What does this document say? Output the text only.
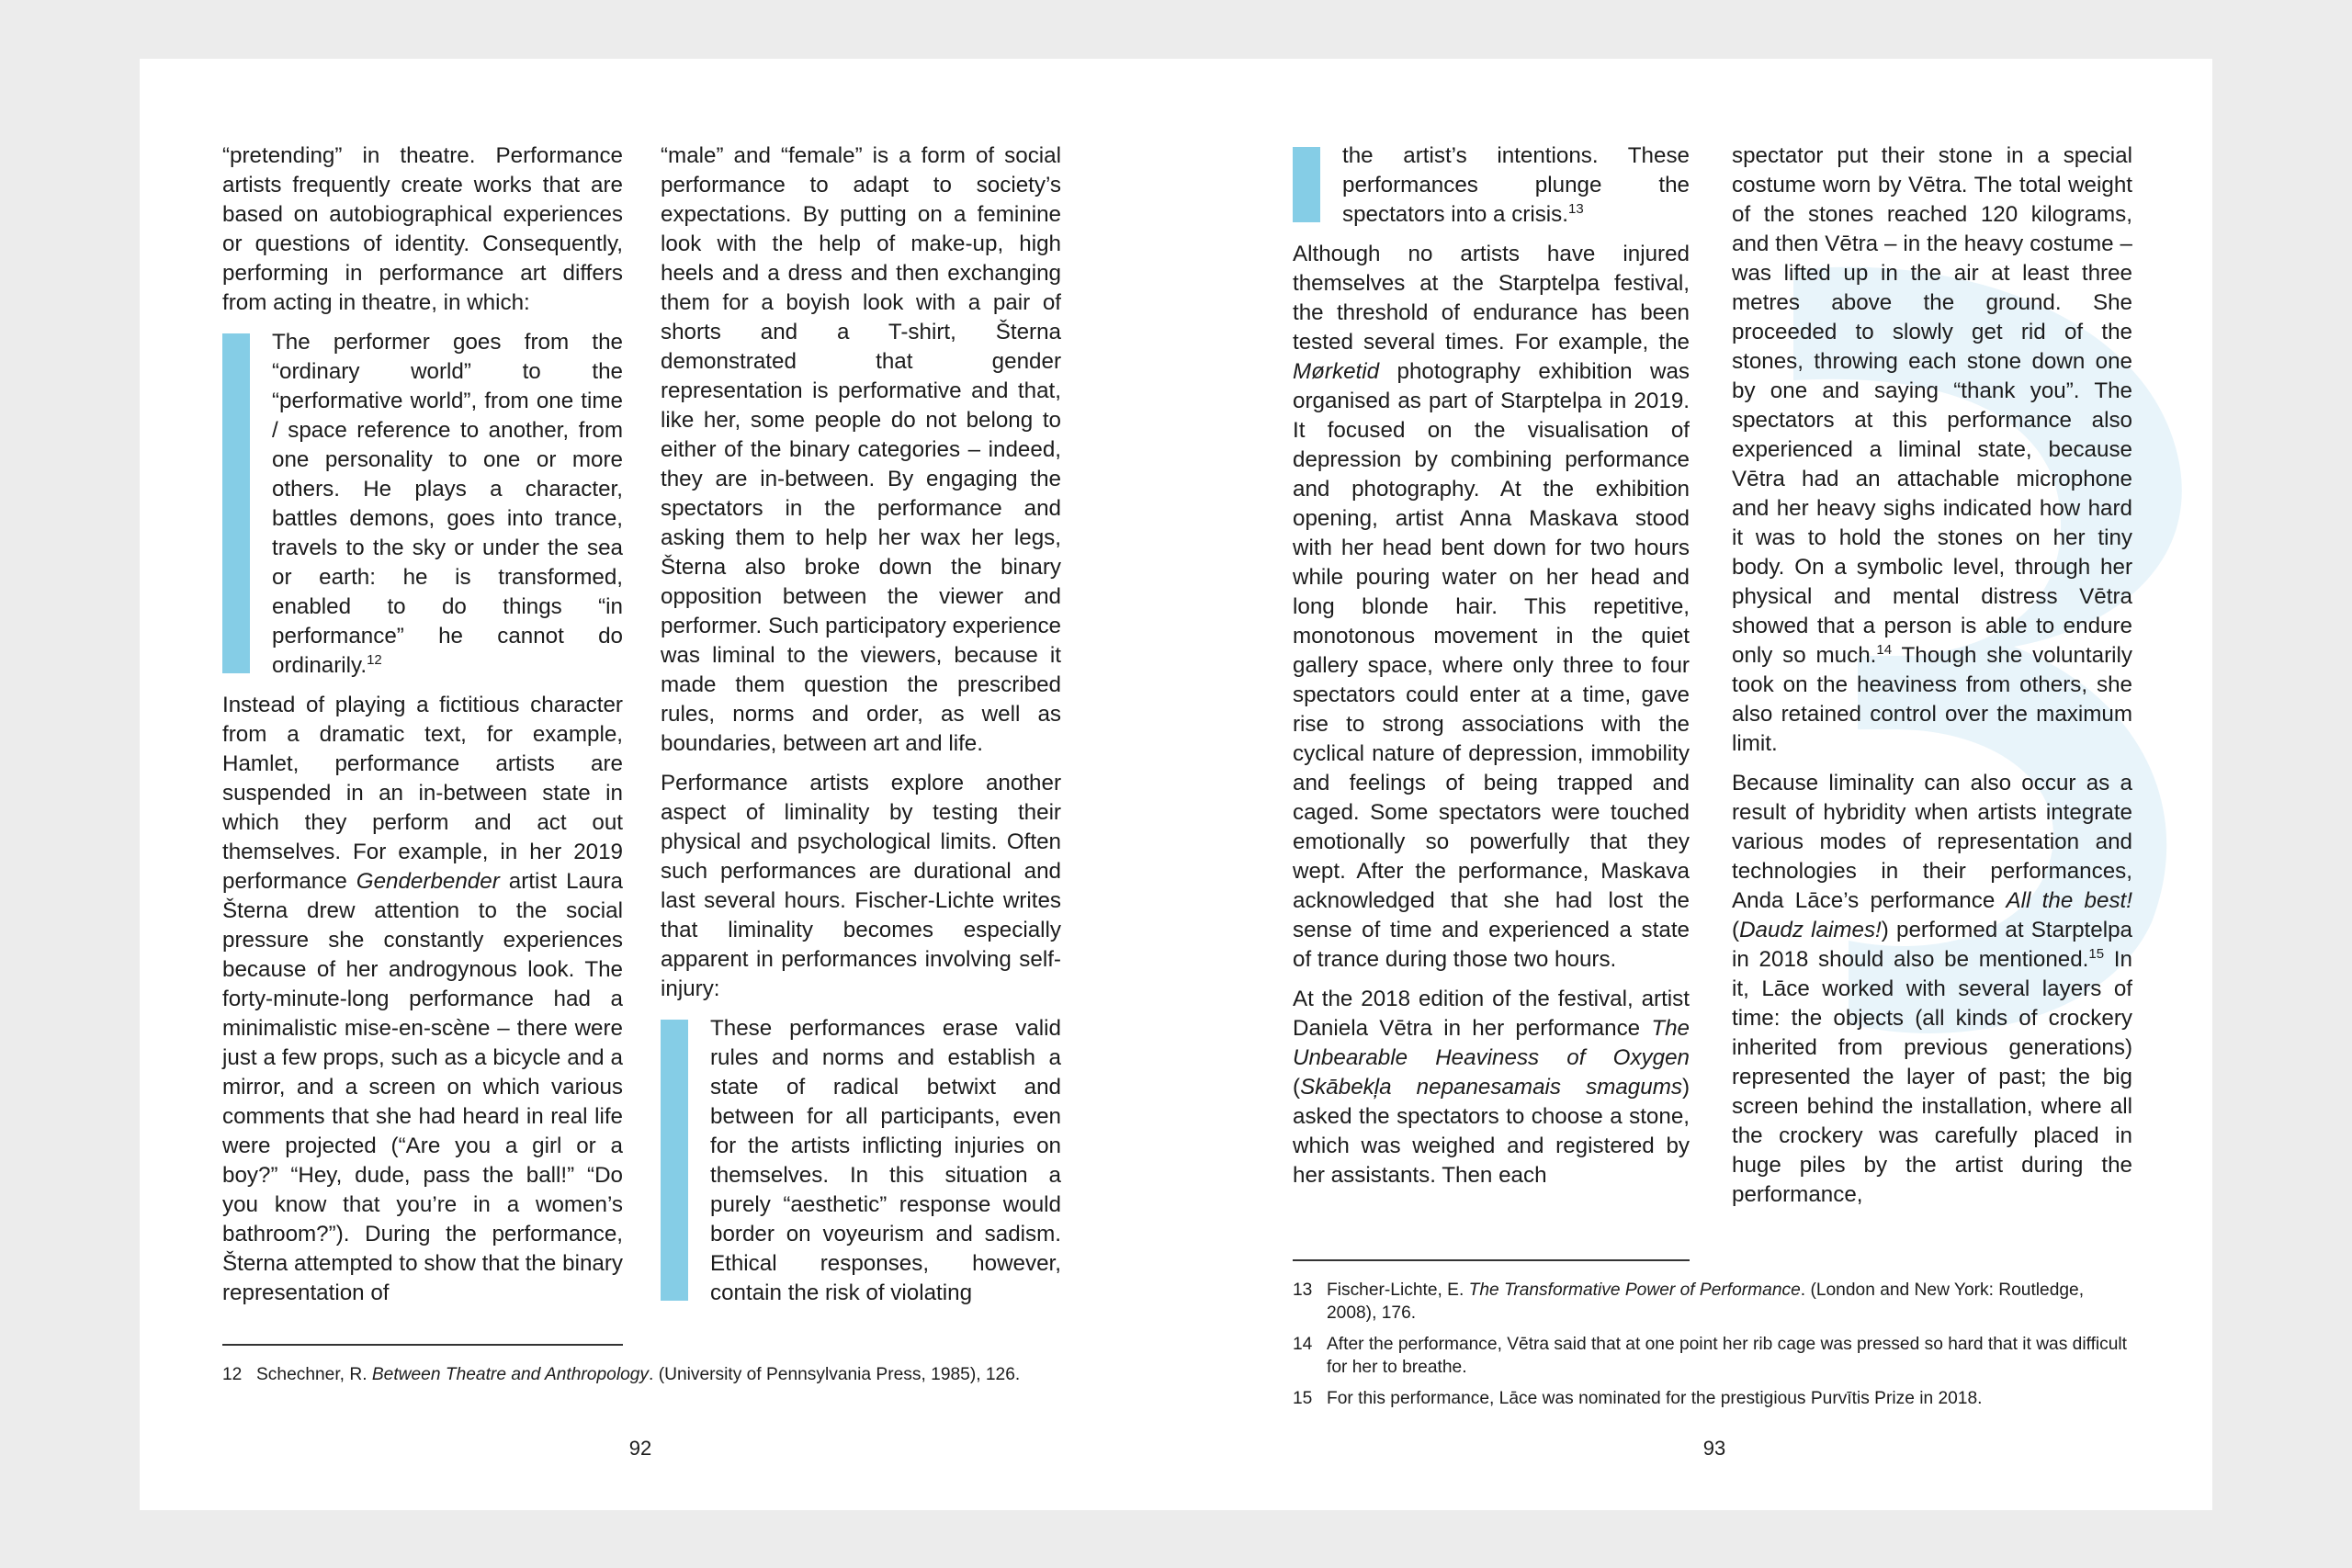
“pretending” in theatre. Performance artists frequently create works that are based on autobiographical experiences or questions of identity. Consequently, performing in performance art differs from acting in theatre, in which:

The performer goes from the “ordinary world” to the “performative world”, from one time / space reference to another, from one personality to one or more others. He plays a character, battles demons, goes into trance, travels to the sky or under the sea or earth: he is transformed, enabled to do things “in performance” he cannot do ordinarily.$^{12}$

Instead of playing a fictitious character from a dramatic text, for example, Hamlet, performance artists are suspended in an in-between state in which they perform and act out themselves. For example, in her 2019 performance Genderbender artist Laura Šterna drew attention to the social pressure she constantly experiences because of her androgynous look. The forty-minute-long performance had a minimalistic mise-en-scène – there were just a few props, such as a bicycle and a mirror, and a screen on which various comments that she had heard in real life were projected (“Are you a girl or a boy?” “Hey, dude, pass the ball!” “Do you know that you’re in a women’s bathroom?”). During the performance, Šterna attempted to show that the binary representation of

“male” and “female” is a form of social performance to adapt to society’s expectations. By putting on a feminine look with the help of make-up, high heels and a dress and then exchanging them for a boyish look with a pair of shorts and a T-shirt, Šterna demonstrated that gender representation is performative and that, like her, some people do not belong to either of the binary categories – indeed, they are in-between. By engaging the spectators in the performance and asking them to help her wax her legs, Šterna also broke down the binary opposition between the viewer and performer. Such participatory experience was liminal to the viewers, because it made them question the prescribed rules, norms and order, as well as boundaries, between art and life.

Performance artists explore another aspect of liminality by testing their physical and psychological limits. Often such performances are durational and last several hours. Fischer-Lichte writes that liminality becomes especially apparent in performances involving self-injury:

These performances erase valid rules and norms and establish a state of radical betwixt and between for all participants, even for the artists inflicting injuries on themselves. In this situation a purely “aesthetic” response would border on voyeurism and sadism. Ethical responses, however, contain the risk of violating

12 Schechner, R. Between Theatre and Anthropology. (University of Pennsylvania Press, 1985), 126.
92

the artist’s intentions. These performances plunge the spectators into a crisis.$^{13}$

Although no artists have injured themselves at the Starptelpa festival, the threshold of endurance has been tested several times. For example, the Mørketid photography exhibition was organised as part of Starptelpa in 2019. It focused on the visualisation of depression by combining performance and photography. At the exhibition opening, artist Anna Maskava stood with her head bent down for two hours while pouring water on her head and long blonde hair. This repetitive, monotonous movement in the quiet gallery space, where only three to four spectators could enter at a time, gave rise to strong associations with the cyclical nature of depression, immobility and feelings of being trapped and caged. Some spectators were touched emotionally so powerfully that they wept. After the performance, Maskava acknowledged that she had lost the sense of time and experienced a state of trance during those two hours.

At the 2018 edition of the festival, artist Daniela Vētra in her performance The Unbearable Heaviness of Oxygen (Skābekļa nepanesamais smagums) asked the spectators to choose a stone, which was weighed and registered by her assistants. Then each

spectator put their stone in a special costume worn by Vētra. The total weight of the stones reached 120 kilograms, and then Vētra – in the heavy costume – was lifted up in the air at least three metres above the ground. She proceeded to slowly get rid of the stones, throwing each stone down one by one and saying “thank you”. The spectators at this performance also experienced a liminal state, because Vētra had an attachable microphone and her heavy sighs indicated how hard it was to hold the stones on her tiny body. On a symbolic level, through her physical and mental distress Vētra showed that a person is able to endure only so much.$^{14}$ Though she voluntarily took on the heaviness from others, she also retained control over the maximum limit.

Because liminality can also occur as a result of hybridity when artists integrate various modes of representation and technologies in their performances, Anda Lāce’s performance All the best! (Daudz laimes!) performed at Starptelpa in 2018 should also be mentioned.$^{15}$ In it, Lāce worked with several layers of time: the objects (all kinds of crockery inherited from previous generations) represented the layer of past; the big screen behind the installation, where all the crockery was carefully placed in huge piles by the artist during the performance,

13 Fischer-Lichte, E. The Transformative Power of Performance. (London and New York: Routledge, 2008), 176.
14 After the performance, Vētra said that at one point her rib cage was pressed so hard that it was difficult for her to breathe.
15 For this performance, Lāce was nominated for the prestigious Purvītis Prize in 2018.
93
